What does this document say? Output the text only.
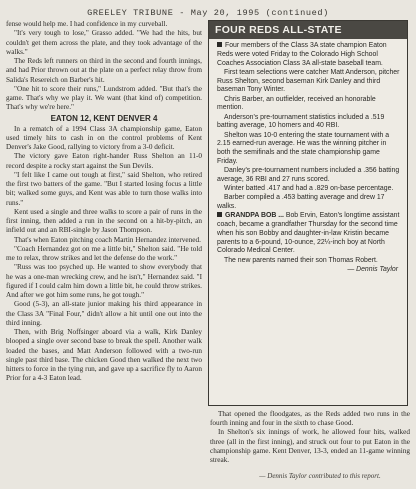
GREELEY TRIBUNE - May 20, 1995 (continued)

fense would help me. I had confidence in my curveball.

"It's very tough to lose," Grasso added. "We had the hits, but couldn't get them across the plate, and they took advantage of the walks."

The Reds left runners on third in the second and fourth innings, and had Prior thrown out at the plate on a perfect relay throw from Salida's Resereich on Barber's hit.

"One hit to score their runs," Lundstrom added. "But that's the game. That's why we play it. We want (that kind of) competition. That's why we're here."

EATON 12, KENT DENVER 4

In a rematch of a 1994 Class 3A championship game, Eaton used timely hits to cash in on the control problems of Kent Denver's Jake Good, rallying to victory from a 3-0 deficit.

The victory gave Eaton right-hander Russ Shelton an 11-0 record despite a rocky start against the Sun Devils.

"I felt like I came out tough at first," said Shelton, who retired the first two batters of the game. "But I started losing focus a little bit; walked some guys, and Kent was able to turn those walks into runs."

Kent used a single and three walks to score a pair of runs in the first inning, then added a run in the second on a hit-by-pitch, an infield out and an RBI-single by Jason Thompson.

That's when Eaton pitching coach Martin Hernandez intervened.

"Coach Hernandez got on me a little bit," Shelton said. "He told me to relax, throw strikes and let the defense do the work."

"Russ was too psyched up. He wanted to show everybody that he was a one-man wrecking crew, and he isn't," Hernandez said. "I figured if I could calm him down a little bit, he could throw strikes. And after we got him some runs, he got tough."

Good (5-3), an all-state junior making his third appearance in the Class 3A "Final Four," didn't allow a hit until one out into the third inning.

Then, with Brig Noffsinger aboard via a walk, Kirk Danley blooped a single over second base to break the spell. Another walk loaded the bases, and Matt Anderson followed with a two-run single past third base. The chicken Good then walked the next two hitters to force in the tying run, and gave up a sacrifice fly to Aaron Prior for a 4-3 Eaton lead.

FOUR REDS ALL-STATE

Four members of the Class 3A state champion Eaton Reds were voted Friday to the Colorado High School Coaches Association Class 3A all-state baseball team.

First team selections were catcher Matt Anderson, pitcher Russ Shelton, second baseman Kirk Danley and third baseman Tony Winter.

Chris Barber, an outfielder, received an honorable mention.

Anderson's pre-tournament statistics included a .519 batting average, 10 homers and 40 RBI.

Shelton was 10-0 entering the state tournament with a 2.15 earned-run average. He was the winning pitcher in both the semifinals and the state championship game Friday.

Danley's pre-tournament numbers included a .356 batting average, 36 RBI and 27 runs scored.

Winter batted .417 and had a .829 on-base percentage.

Barber compiled a .453 batting average and drew 17 walks.

GRANDPA BOB ... Bob Ervin, Eaton's longtime assistant coach, became a grandfather Thursday for the second time when his son Bobby and daughter-in-law Kristin became parents to a 6-pound, 10-ounce, 22¼-inch boy at North Colorado Medical Center.

The new parents named their son Thomas Robert.

— Dennis Taylor

That opened the floodgates, as the Reds added two runs in the fourth inning and four in the sixth to chase Good.

In Shelton's six innings of work, he allowed four hits, walked three (all in the first inning), and struck out four to put Eaton in the championship game. Kent Denver, 13-3, ended an 11-game winning streak.

— Dennis Taylor contributed to this report.
